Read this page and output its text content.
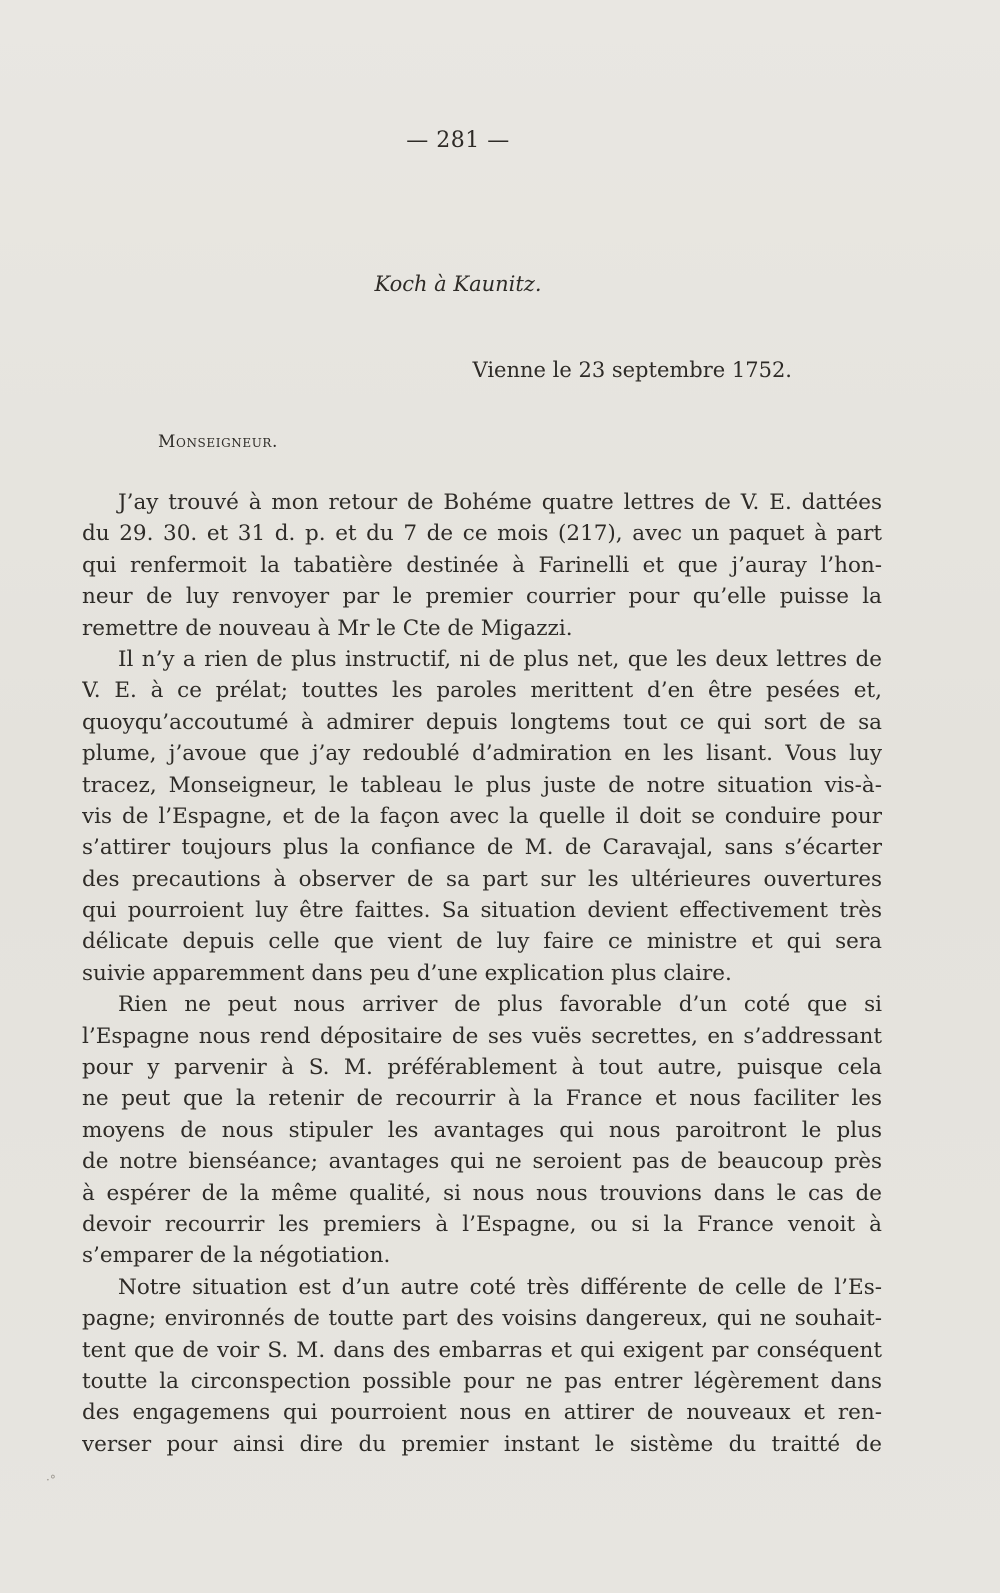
— 281 —
Koch à Kaunitz.
Vienne le 23 septembre 1752.
Monseigneur.
J’ay trouvé à mon retour de Bohéme quatre lettres de V. E. dattées
du 29. 30. et 31 d. p. et du 7 de ce mois (217), avec un paquet à part
qui renfermoit la tabatière destinée à Farinelli et que j’auray l’hon-
neur de luy renvoyer par le premier courrier pour qu’elle puisse la
remettre de nouveau à Mr le Cte de Migazzi.
Il n’y a rien de plus instructif, ni de plus net, que les deux lettres de
V. E. à ce prélat; touttes les paroles merittent d’en être pesées et,
quoyqu’accoutumé à admirer depuis longtems tout ce qui sort de sa
plume, j’avoue que j’ay redoublé d’admiration en les lisant. Vous luy
tracez, Monseigneur, le tableau le plus juste de notre situation vis-à-
vis de l’Espagne, et de la façon avec la quelle il doit se conduire pour
s’attirer toujours plus la confiance de M. de Caravajal, sans s’écarter
des precautions à observer de sa part sur les ultérieures ouvertures
qui pourroient luy être faittes. Sa situation devient effectivement très
délicate depuis celle que vient de luy faire ce ministre et qui sera
suivie apparemment dans peu d’une explication plus claire.
Rien ne peut nous arriver de plus favorable d’un coté que si
l’Espagne nous rend dépositaire de ses vuës secrettes, en s’addressant
pour y parvenir à S. M. préférablement à tout autre, puisque cela
ne peut que la retenir de recourrir à la France et nous faciliter les
moyens de nous stipuler les avantages qui nous paroitront le plus
de notre bienséance; avantages qui ne seroient pas de beaucoup près
à espérer de la même qualité, si nous nous trouvions dans le cas de
devoir recourrir les premiers à l’Espagne, ou si la France venoit à
s’emparer de la négotiation.
Notre situation est d’un autre coté très différente de celle de l’Es-
pagne; environnés de toutte part des voisins dangereux, qui ne souhait-
tent que de voir S. M. dans des embarras et qui exigent par conséquent
toutte la circonspection possible pour ne pas entrer légèrement dans
des engagemens qui pourroient nous en attirer de nouveaux et ren-
verser pour ainsi dire du premier instant le sistème du traitté de
·°
